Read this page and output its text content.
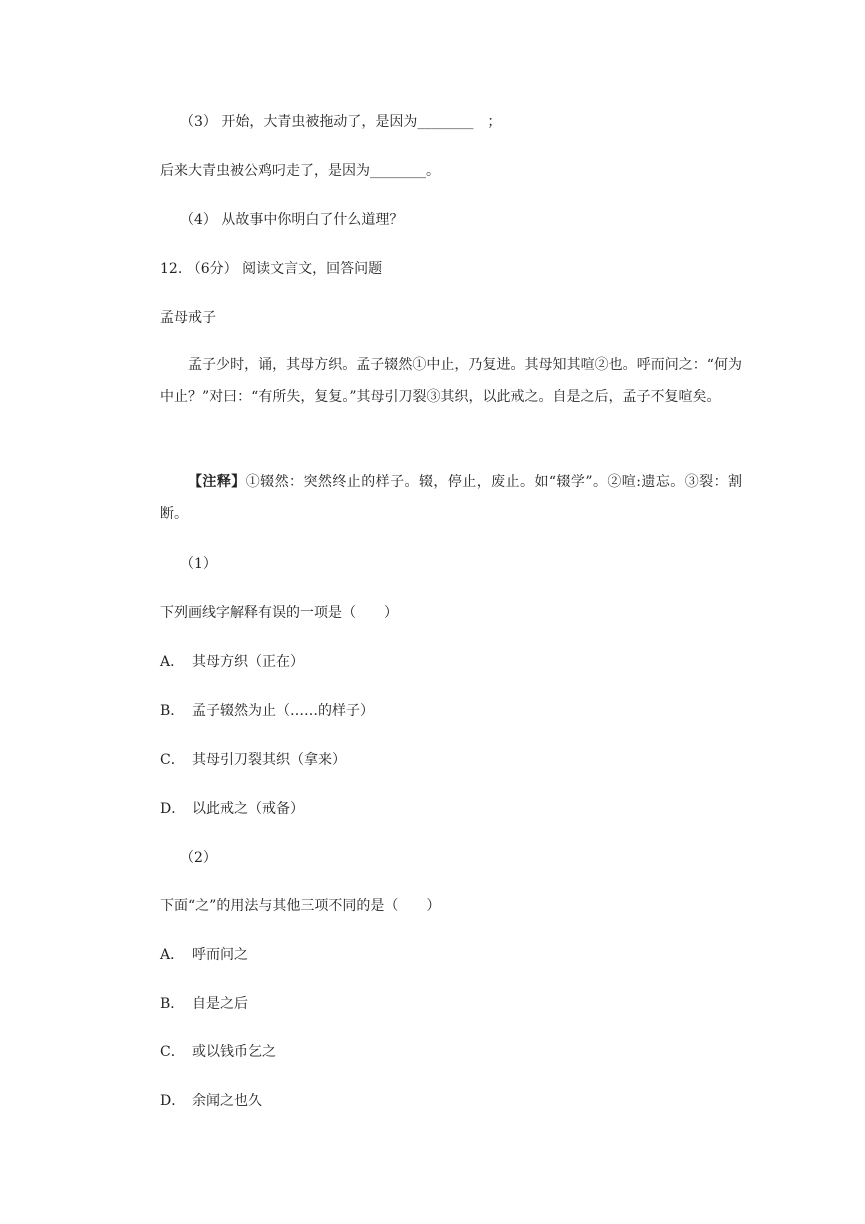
（3） 开始，大青虫被拖动了，是因为________　；
后来大青虫被公鸡叼走了，是因为________。
（4） 从故事中你明白了什么道理？
12. （6分） 阅读文言文，回答问题
孟母戒子
孟子少时，诵，其母方织。孟子辍然①中止，乃复进。其母知其喧②也。呼而问之：“何为中止？”对曰：“有所失，复复。”其母引刀裂③其织，以此戒之。自是之后，孟子不复喧矣。
【注释】①辍然：突然终止的样子。辍，停止，废止。如“辍学”。②喧:遗忘。③裂：割断。
（1）
下列画线字解释有误的一项是（　　）
A． 其母方织（正在）
B． 孟子辍然为止（……的样子）
C． 其母引刀裂其织（拿来）
D． 以此戒之（戒备）
（2）
下面“之”的用法与其他三项不同的是（　　）
A． 呼而问之
B． 自是之后
C． 或以钱币乞之
D． 余闻之也久
